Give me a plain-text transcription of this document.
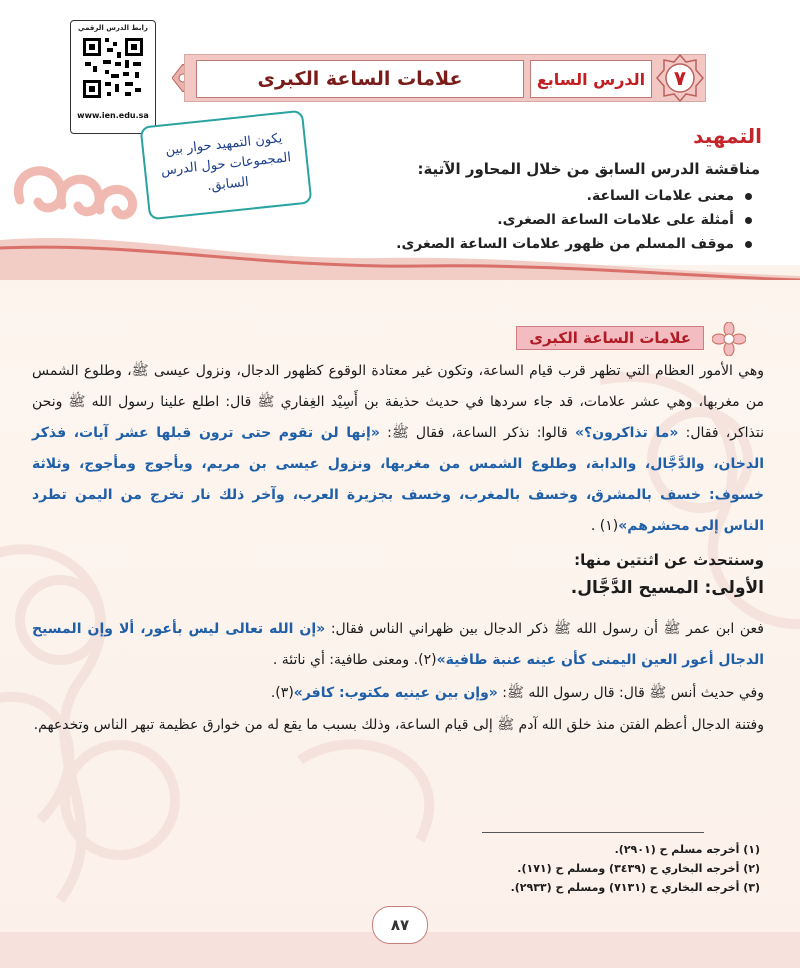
رابط الدرس الرقمي
www.ien.edu.sa
علامات الساعة الكبرى	الدرس السابع	٧
التمهيد
يكون التمهيد حوار بين المجموعات حول الدرس السابق.
مناقشة الدرس السابق من خلال المحاور الآتية:
معنى علامات الساعة.
أمثلة على علامات الساعة الصغرى.
موقف المسلم من ظهور علامات الساعة الصغرى.
علامات الساعة الكبرى
وهي الأمور العظام التي تظهر قرب قيام الساعة، وتكون غير معتادة الوقوع كظهور الدجال، ونزول عيسى ﷺ، وطلوع الشمس من مغربها، وهي عشر علامات، قد جاء سردها في حديث حذيفة بن أَسِيْد الغِفاري ﷺ قال: اطلع علينا رسول الله ﷺ ونحن نتذاكر، فقال: «ما تذاكرون؟» قالوا: نذكر الساعة، فقال ﷺ: «إنها لن تقوم حتى ترون قبلها عشر آيات، فذكر الدخان، والدَّجَّال، والدابة، وطلوع الشمس من مغربها، ونزول عيسى بن مريم، ويأجوج ومأجوج، وثلاثة خسوف: خسف بالمشرق، وخسف بالمغرب، وخسف بجزيرة العرب، وآخر ذلك نار تخرج من اليمن تطرد الناس إلى محشرهم»(١) .
وسنتحدث عن اثنتين منها:
الأولى: المسيح الدَّجَّال.
فعن ابن عمر ﷺ أن رسول الله ﷺ ذكر الدجال بين ظهراني الناس فقال: «إن الله تعالى ليس بأعور، ألا وإن المسيح الدجال أعور العين اليمنى كأن عينه عنبة طافية»(٢). ومعنى طافية: أي ناتئة .
وفي حديث أنس ﷺ قال: قال رسول الله ﷺ: «وإن بين عينيه مكتوب: كافر»(٣).
وفتنة الدجال أعظم الفتن منذ خلق الله آدم ﷺ إلى قيام الساعة، وذلك بسبب ما يقع له من خوارق عظيمة تبهر الناس وتخدعهم.
(١) أخرجه مسلم ح (٢٩٠١).
(٢) أخرجه البخاري ح (٣٤٣٩) ومسلم ح (١٧١).
(٣) أخرجه البخاري ح (٧١٣١) ومسلم ح (٢٩٣٣).
٨٧
